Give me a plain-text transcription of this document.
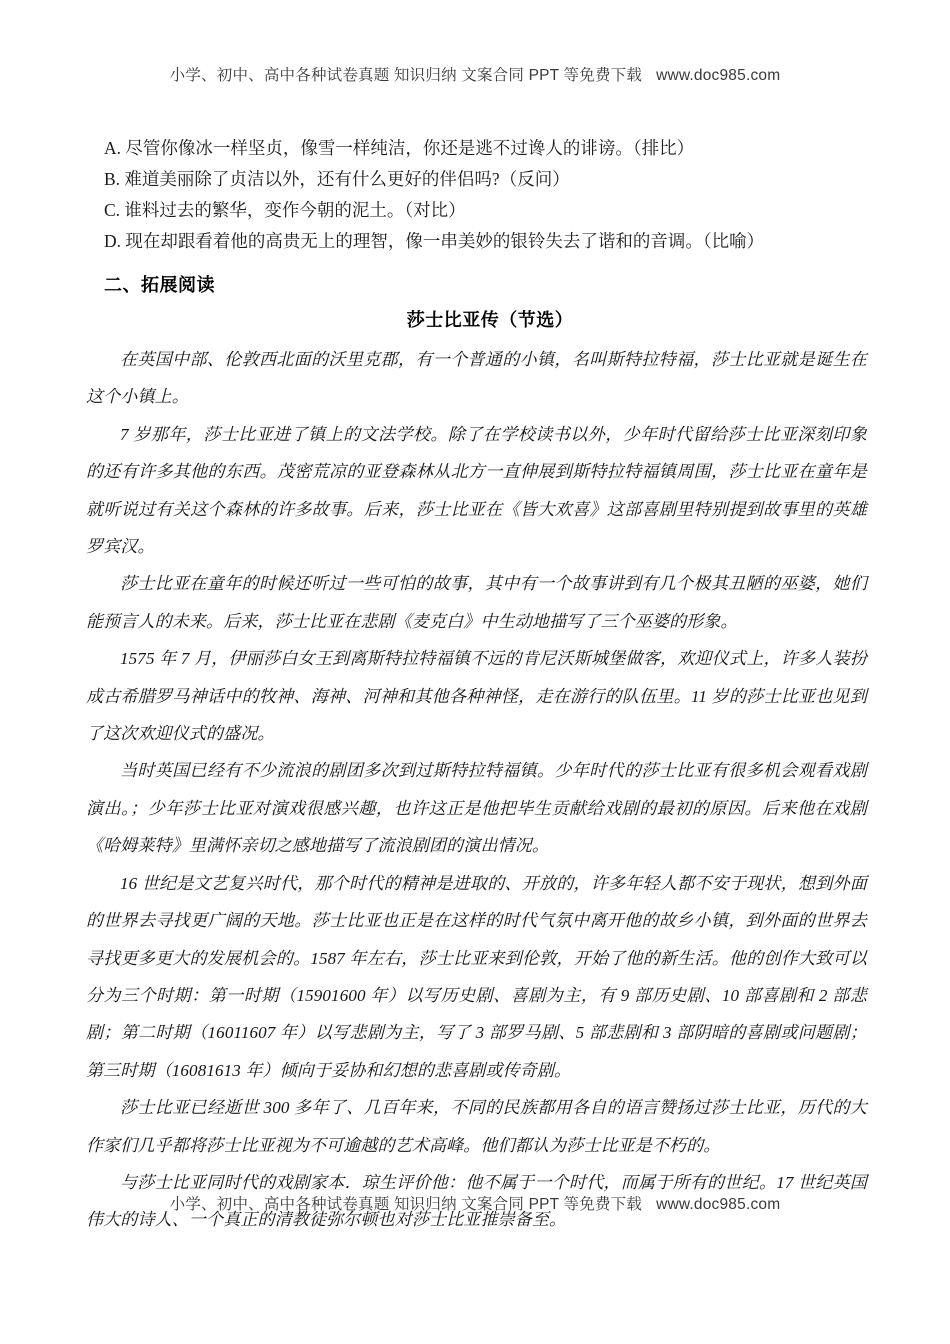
小学、初中、高中各种试卷真题 知识归纳 文案合同 PPT 等免费下载 www.doc985.com
A. 尽管你像冰一样坚贞，像雪一样纯洁，你还是逃不过谗人的诽谤。（排比）
B. 难道美丽除了贞洁以外，还有什么更好的伴侣吗?（反问）
C. 谁料过去的繁华，变作今朝的泥土。（对比）
D. 现在却跟看着他的高贵无上的理智，像一串美妙的银铃失去了谐和的音调。（比喻）
二、拓展阅读
莎士比亚传（节选）

在英国中部、伦敦西北面的沃里克郡，有一个普通的小镇，名叫斯特拉特福，莎士比亚就是诞生在这个小镇上。

7 岁那年，莎士比亚进了镇上的文法学校。除了在学校读书以外，少年时代留给莎士比亚深刻印象的还有许多其他的东西。茂密荒凉的亚登森林从北方一直伸展到斯特拉特福镇周围，莎士比亚在童年是就听说过有关这个森林的许多故事。后来，莎士比亚在《皆大欢喜》这部喜剧里特别提到故事里的英雄罗宾汉。

莎士比亚在童年的时候还听过一些可怕的故事，其中有一个故事讲到有几个极其丑陋的巫婆，她们能预言人的未来。后来，莎士比亚在悲剧《麦克白》中生动地描写了三个巫婆的形象。

1575 年 7 月，伊丽莎白女王到离斯特拉特福镇不远的肯尼沃斯城堡做客，欢迎仪式上，许多人装扮成古希腊罗马神话中的牧神、海神、河神和其他各种神怪，走在游行的队伍里。11 岁的莎士比亚也见到了这次欢迎仪式的盛况。

当时英国已经有不少流浪的剧团多次到过斯特拉特福镇。少年时代的莎士比亚有很多机会观看戏剧演出。；少年莎士比亚对演戏很感兴趣，也许这正是他把毕生贡献给戏剧的最初的原因。后来他在戏剧《哈姆莱特》里满怀亲切之感地描写了流浪剧团的演出情况。

16 世纪是文艺复兴时代，那个时代的精神是进取的、开放的，许多年轻人都不安于现状，想到外面的世界去寻找更广阔的天地。莎士比亚也正是在这样的时代气氛中离开他的故乡小镇，到外面的世界去寻找更多更大的发展机会的。1587 年左右，莎士比亚来到伦敦，开始了他的新生活。他的创作大致可以分为三个时期：第一时期（15901600 年）以写历史剧、喜剧为主，有 9 部历史剧、10 部喜剧和 2 部悲剧；第二时期（16011607 年）以写悲剧为主，写了 3 部罗马剧、5 部悲剧和 3 部阴暗的喜剧或问题剧；第三时期（16081613 年）倾向于妥协和幻想的悲喜剧或传奇剧。

莎士比亚已经逝世 300 多年了、几百年来，不同的民族都用各自的语言赞扬过莎士比亚，历代的大作家们几乎都将莎士比亚视为不可逾越的艺术高峰。他们都认为莎士比亚是不朽的。

与莎士比亚同时代的戏剧家本．琼生评价他：他不属于一个时代，而属于所有的世纪。17 世纪英国伟大的诗人、一个真正的清教徒弥尔顿也对莎士比亚推崇备至。

小学、初中、高中各种试卷真题 知识归纳 文案合同 PPT 等免费下载 www.doc985.com
